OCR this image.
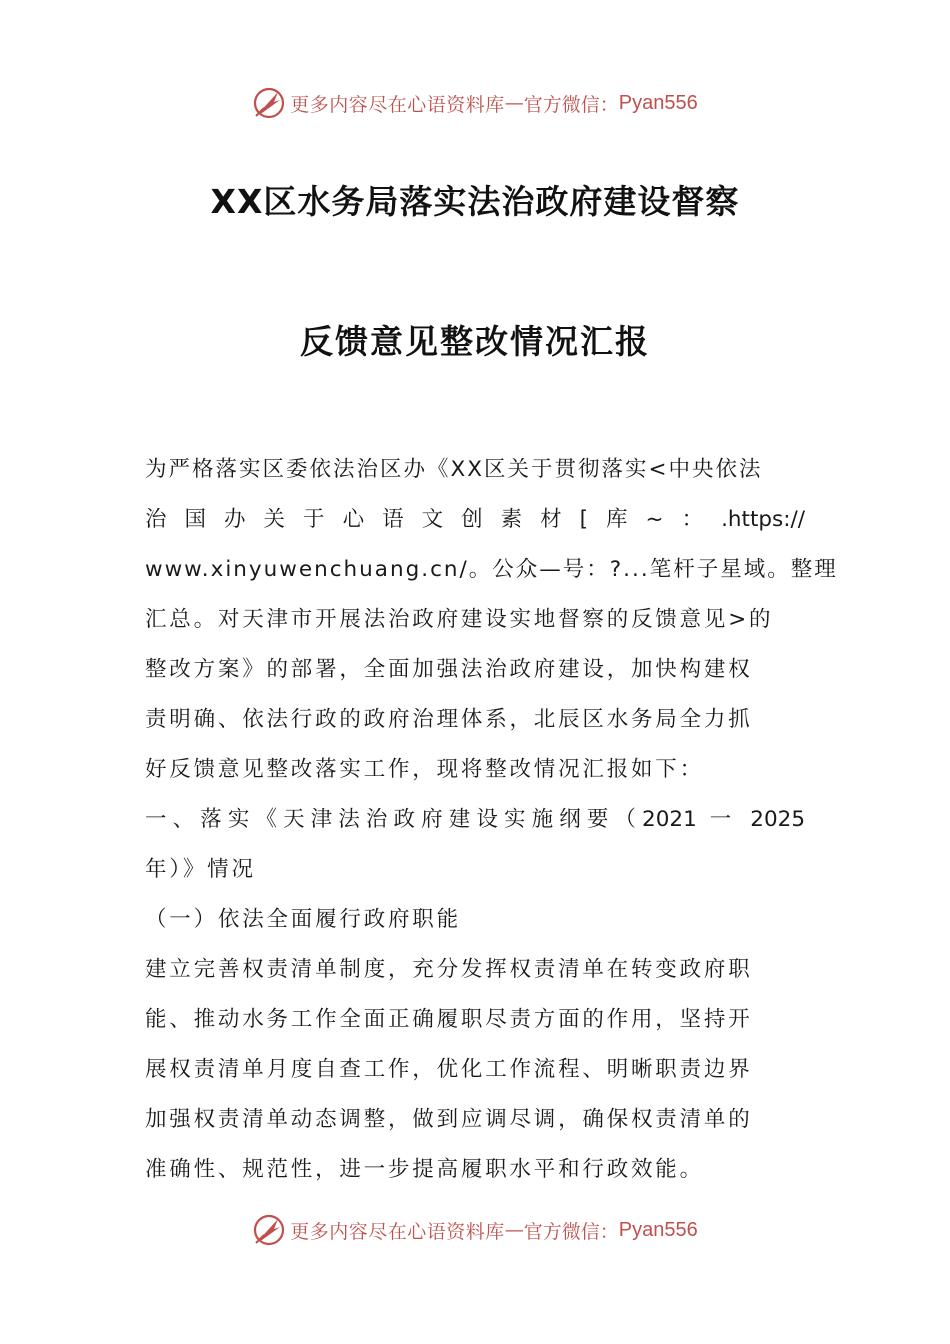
更多内容尽在心语资料库 — 官方微信： Pyan556
XX区水务局落实法治政府建设督察
反馈意见整改情况汇报
为严格落实区委依法治区办《XX区关于贯彻落实<中央依法
治国办关于心语文创素材[库~：.https://
www.xinyuwenchuang.cn/。公众—号：?...笔杆子星域。整理
汇总。对天津市开展法治政府建设实地督察的反馈意见>的
整改方案》的部署，全面加强法治政府建设，加快构建权
责明确、依法行政的政府治理体系，北辰区水务局全力抓
好反馈意见整改落实工作，现将整改情况汇报如下：
一、落实《天津法治政府建设实施纲要（2021 一 2025
年）》情况
（一）依法全面履行政府职能
建立完善权责清单制度，充分发挥权责清单在转变政府职
能、推动水务工作全面正确履职尽责方面的作用，坚持开
展权责清单月度自查工作，优化工作流程、明晰职责边界
加强权责清单动态调整，做到应调尽调，确保权责清单的
准确性、规范性，进一步提高履职水平和行政效能。
更多内容尽在心语资料库 — 官方微信： Pyan556
